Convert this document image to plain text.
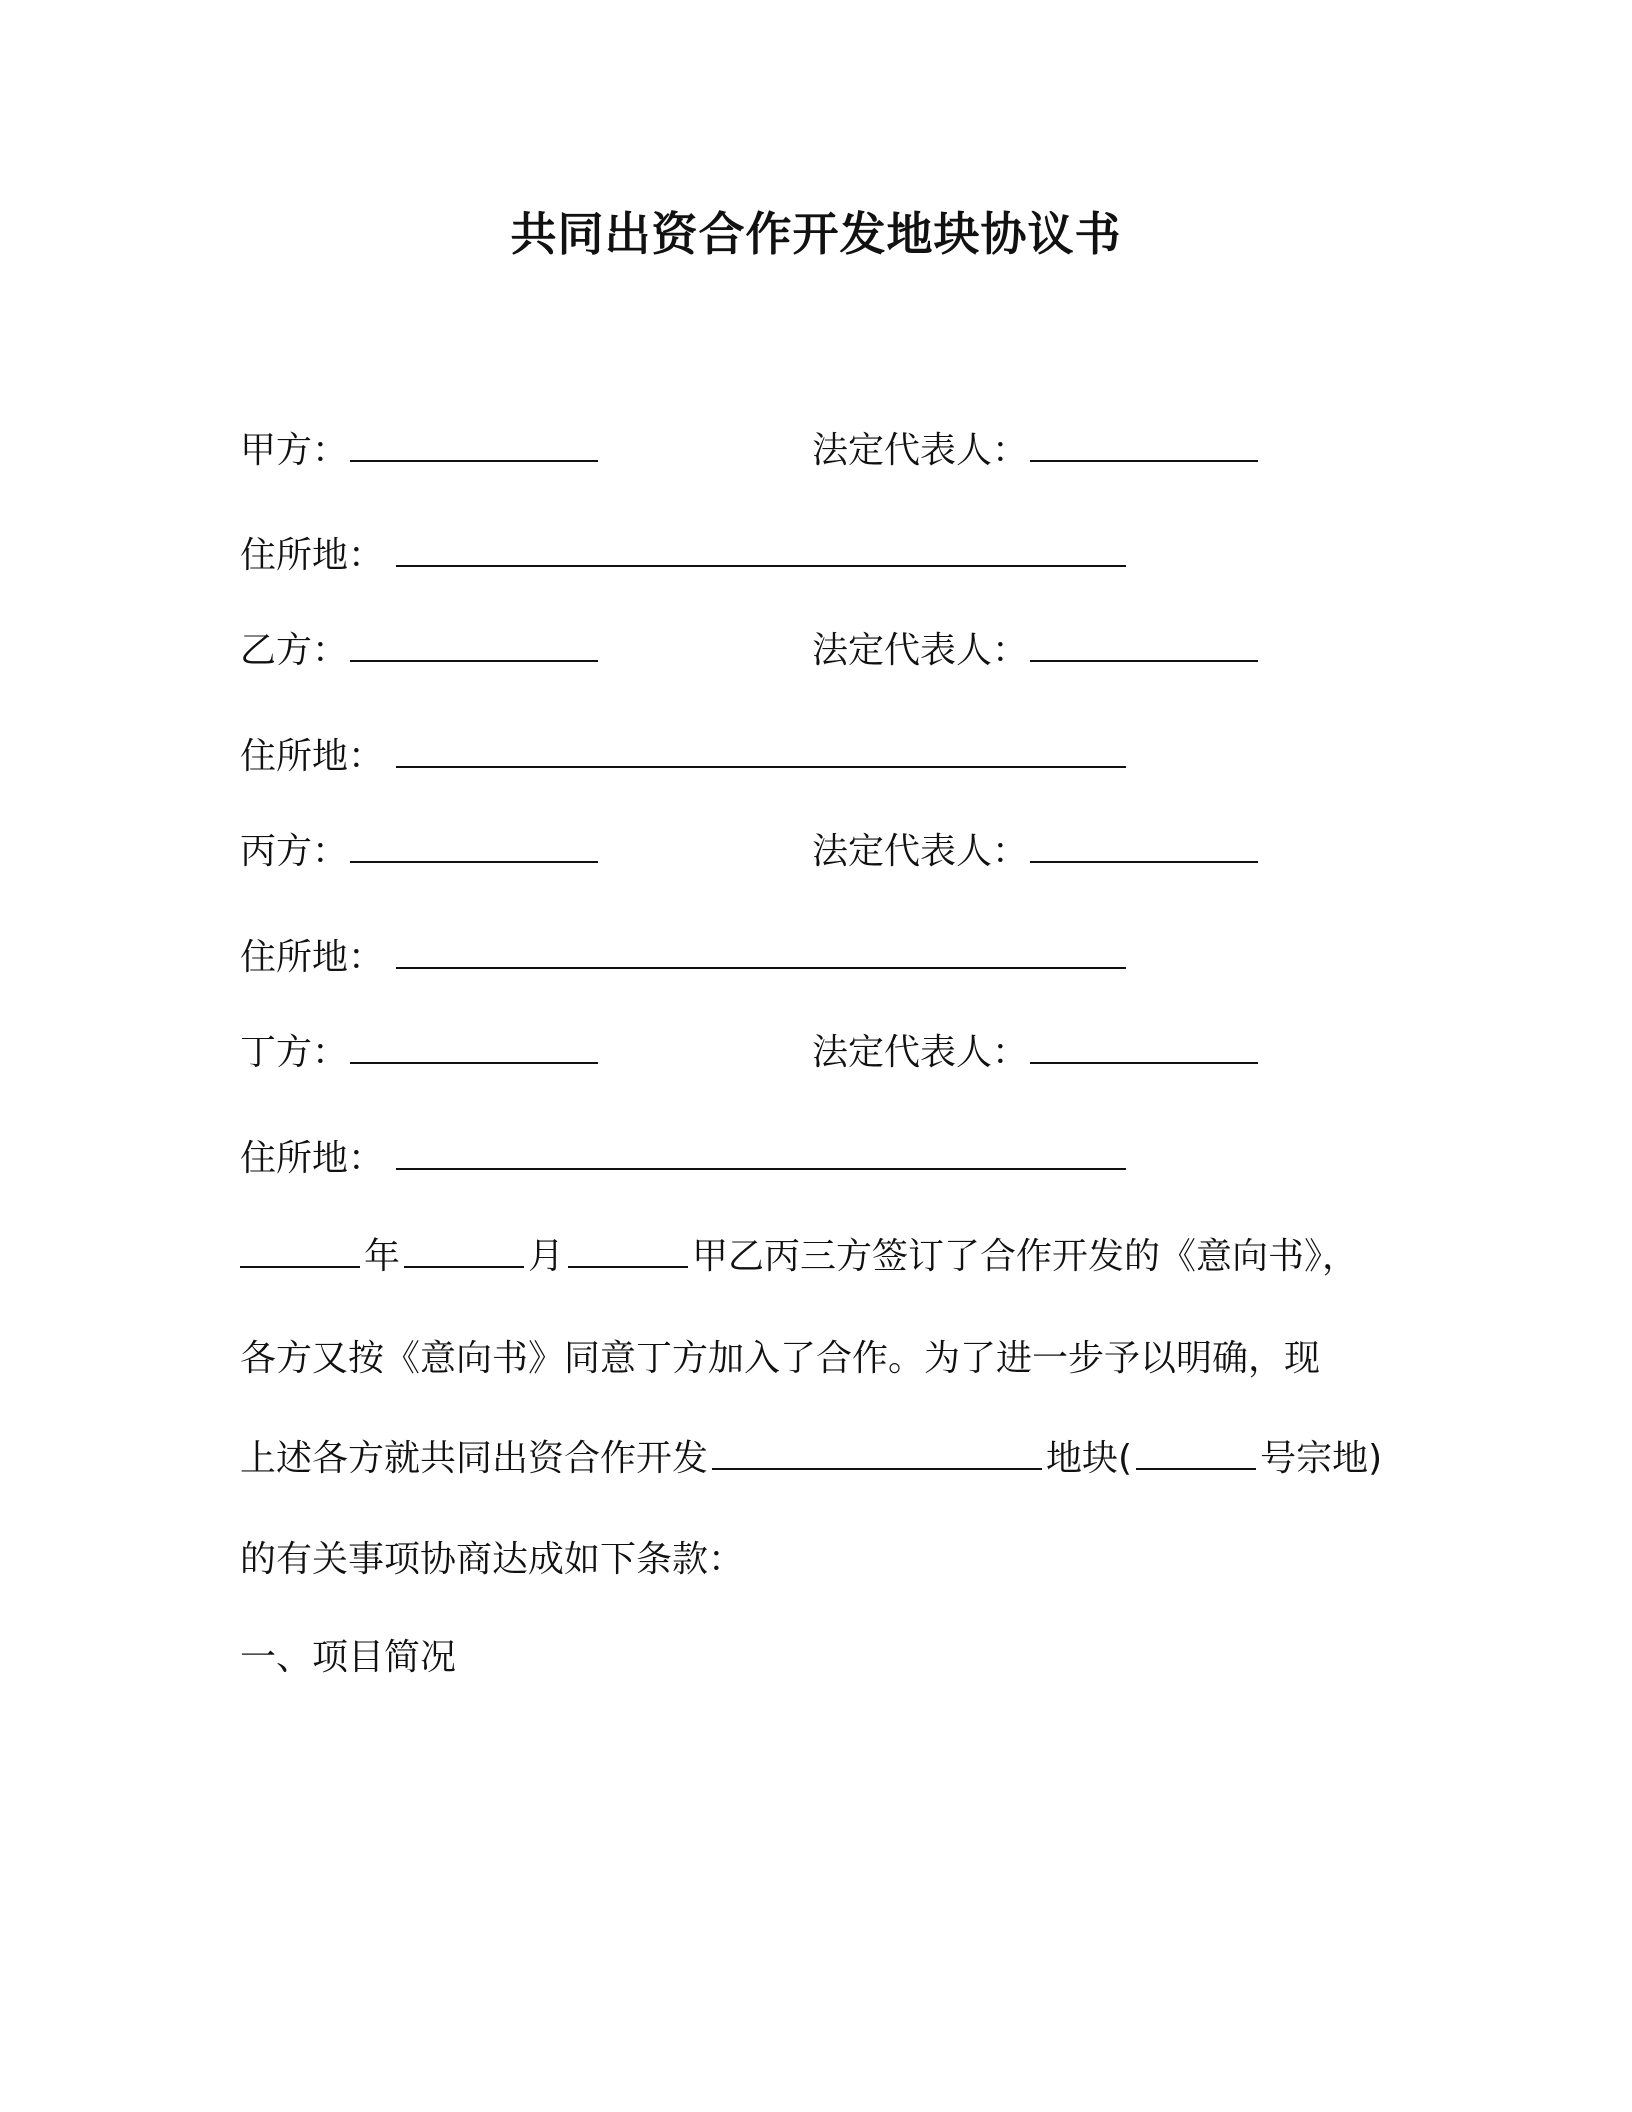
共同出资合作开发地块协议书
甲方：	法定代表人：
住所地：
乙方：	法定代表人：
住所地：
丙方：	法定代表人：
住所地：
丁方：	法定代表人：
住所地：
年	月	甲乙丙三方签订了合作开发的《意向书》，
各方又按《意向书》同意丁方加入了合作。为了进一步予以明确，现
上述各方就共同出资合作开发	地块(	号宗地)
的有关事项协商达成如下条款：
一、项目简况
